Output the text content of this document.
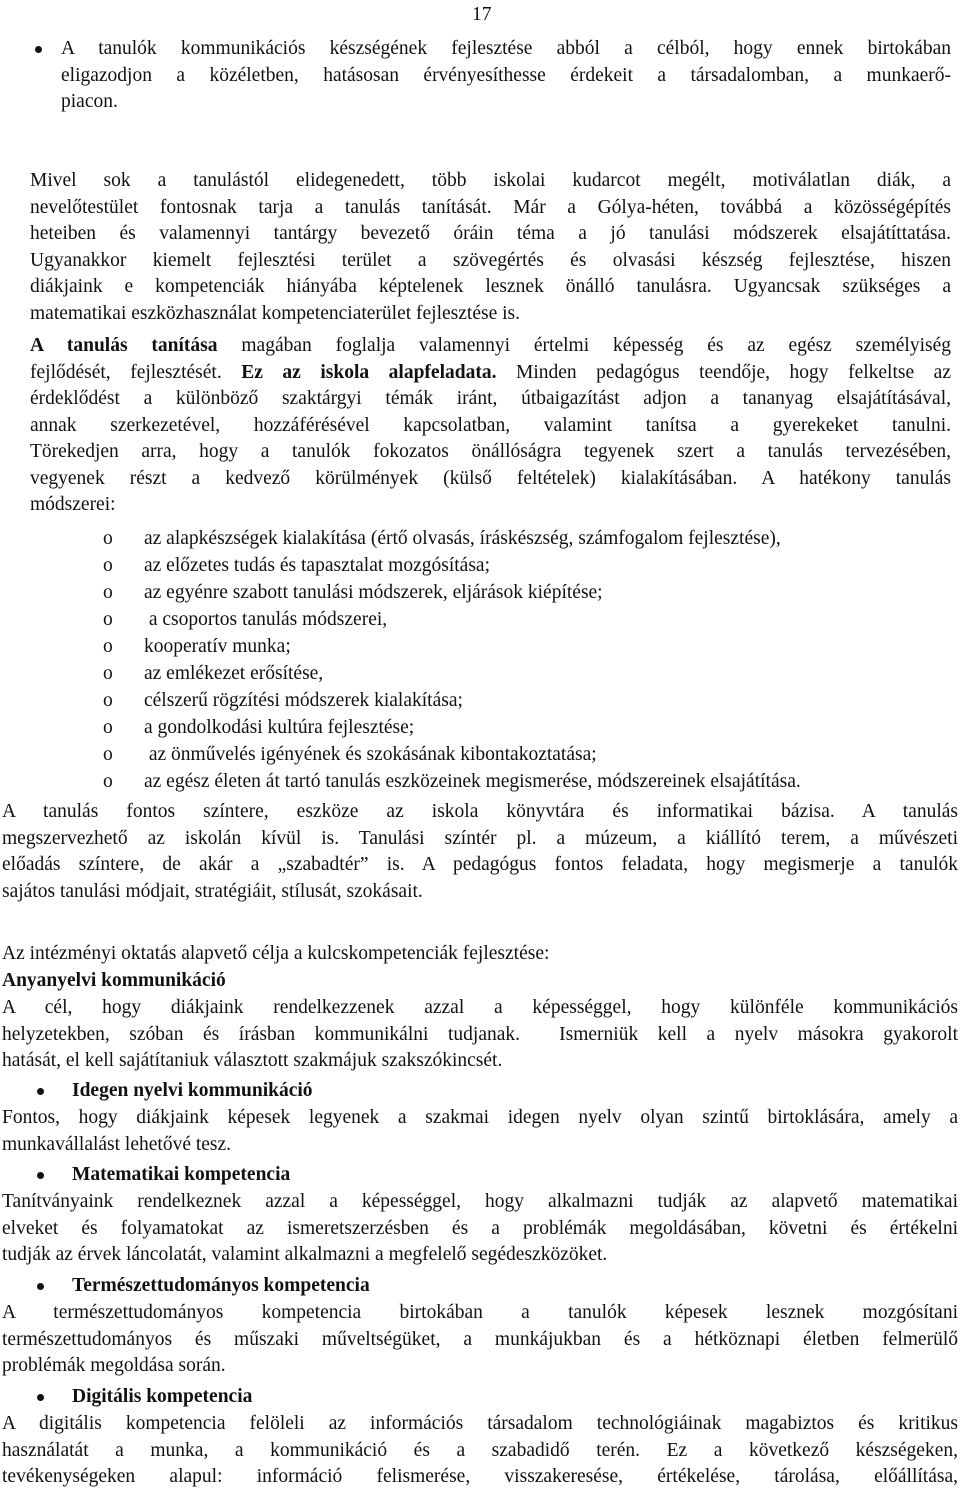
17
A tanulók kommunikációs készségének fejlesztése abból a célból, hogy ennek birtokában
eligazodjon a közéletben, hatásosan érvényesíthesse érdekeit a társadalomban, a munkaerő-
piacon.
Mivel sok a tanulástól elidegenedett, több iskolai kudarcot megélt, motiválatlan diák, a
nevelőtestület fontosnak tarja a tanulás tanítását. Már a Gólya-héten, továbbá a közösségépítés
heteiben és valamennyi tantárgy bevezető óráin téma a jó tanulási módszerek elsajátíttatása.
Ugyanakkor kiemelt fejlesztési terület a szövegértés és olvasási készség fejlesztése, hiszen
diákjaink e kompetenciák hiányába képtelenek lesznek önálló tanulásra. Ugyancsak szükséges a
matematikai eszközhasználat kompetenciaterület fejlesztése is.
A tanulás tanítása magában foglalja valamennyi értelmi képesség és az egész személyiség
fejlődését, fejlesztését. Ez az iskola alapfeladata. Minden pedagógus teendője, hogy felkeltse az
érdeklődést a különböző szaktárgyi témák iránt, útbaigazítást adjon a tananyag elsajátításával,
annak szerkezetével, hozzáférésével kapcsolatban, valamint tanítsa a gyerekeket tanulni.
Törekedjen arra, hogy a tanulók fokozatos önállóságra tegyenek szert a tanulás tervezésében,
vegyenek részt a kedvező körülmények (külső feltételek) kialakításában. A hatékony tanulás
módszerei:
o az alapkészségek kialakítása (értő olvasás, íráskészség, számfogalom fejlesztése),
o az előzetes tudás és tapasztalat mozgósítása;
o az egyénre szabott tanulási módszerek, eljárások kiépítése;
o a csoportos tanulás módszerei,
o kooperatív munka;
o az emlékezet erősítése,
o célszerű rögzítési módszerek kialakítása;
o a gondolkodási kultúra fejlesztése;
o az önművelés igényének és szokásának kibontakoztatása;
o az egész életen át tartó tanulás eszközeinek megismerése, módszereinek elsajátítása.
A tanulás fontos színtere, eszköze az iskola könyvtára és informatikai bázisa. A tanulás
megszervezhető az iskolán kívül is. Tanulási színtér pl. a múzeum, a kiállító terem, a művészeti
előadás színtere, de akár a „szabadtér” is. A pedagógus fontos feladata, hogy megismerje a tanulók
sajátos tanulási módjait, stratégiáit, stílusát, szokásait.
Az intézményi oktatás alapvető célja a kulcskompetenciák fejlesztése:
Anyanyelvi kommunikáció
A cél, hogy diákjaink rendelkezzenek azzal a képességgel, hogy különféle kommunikációs
helyzetekben, szóban és írásban kommunikálni tudjanak.  Ismerniük kell a nyelv másokra gyakorolt
hatását, el kell sajátítaniuk választott szakmájuk szakszókincsét.
Idegen nyelvi kommunikáció
Fontos, hogy diákjaink képesek legyenek a szakmai idegen nyelv olyan szintű birtoklására, amely a
munkavállalást lehetővé tesz.
Matematikai kompetencia
Tanítványaink rendelkeznek azzal a képességgel, hogy alkalmazni tudják az alapvető matematikai
elveket és folyamatokat az ismeretszerzésben és a problémák megoldásában, követni és értékelni
tudják az érvek láncolatát, valamint alkalmazni a megfelelő segédeszközöket.
Természettudományos kompetencia
A természettudományos kompetencia birtokában a tanulók képesek lesznek mozgósítani
természettudományos és műszaki műveltségüket, a munkájukban és a hétköznapi életben felmerülő
problémák megoldása során.
Digitális kompetencia
A digitális kompetencia felöleli az információs társadalom technológiáinak magabiztos és kritikus
használatát a munka, a kommunikáció és a szabadidő terén. Ez a következő készségeken,
tevékenységeken alapul: információ felismerése, visszakeresése, értékelése, tárolása, előállítása,
